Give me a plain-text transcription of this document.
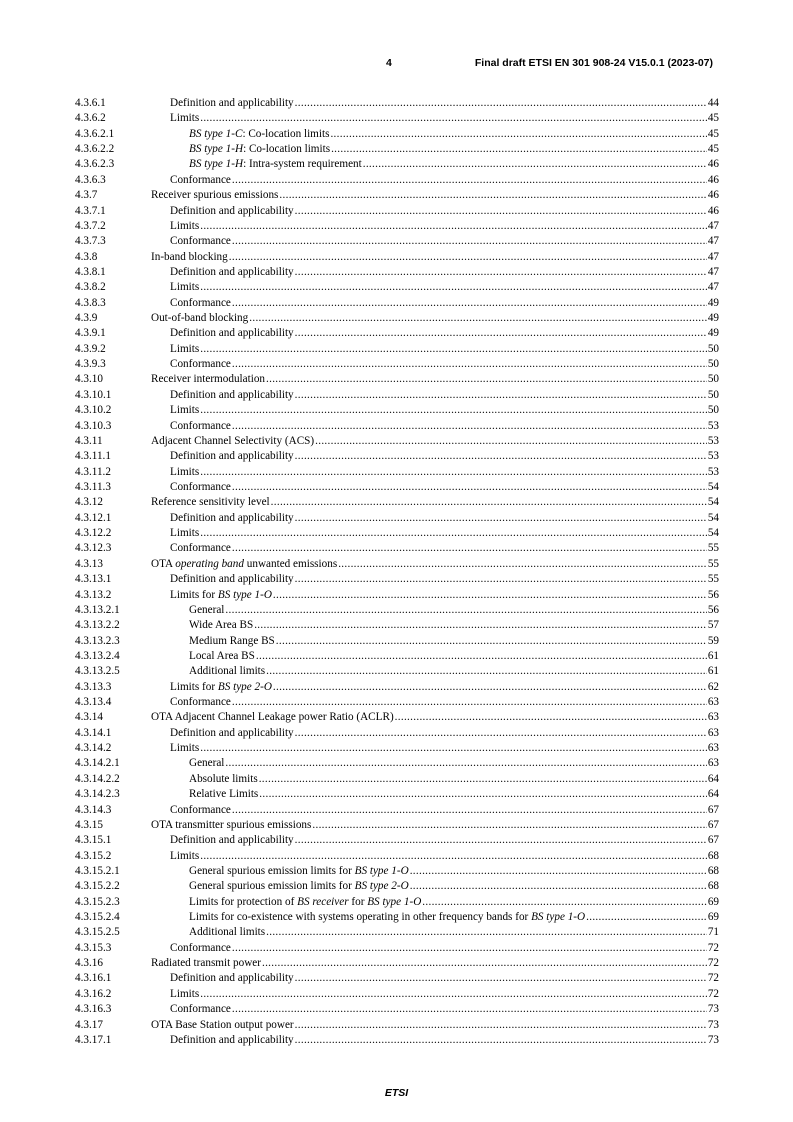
4	Final draft ETSI EN 301 908-24 V15.0.1 (2023-07)
4.3.6.1	Definition and applicability .....	44
4.3.6.2	Limits .....	45
4.3.6.2.1	BS type 1-C: Co-location limits .....	45
4.3.6.2.2	BS type 1-H: Co-location limits .....	45
4.3.6.2.3	BS type 1-H: Intra-system requirement .....	46
4.3.6.3	Conformance .....	46
4.3.7	Receiver spurious emissions .....	46
4.3.7.1	Definition and applicability .....	46
4.3.7.2	Limits .....	47
4.3.7.3	Conformance .....	47
4.3.8	In-band blocking .....	47
4.3.8.1	Definition and applicability .....	47
4.3.8.2	Limits .....	47
4.3.8.3	Conformance .....	49
4.3.9	Out-of-band blocking .....	49
4.3.9.1	Definition and applicability .....	49
4.3.9.2	Limits .....	50
4.3.9.3	Conformance .....	50
4.3.10	Receiver intermodulation .....	50
4.3.10.1	Definition and applicability .....	50
4.3.10.2	Limits .....	50
4.3.10.3	Conformance .....	53
4.3.11	Adjacent Channel Selectivity (ACS) .....	53
4.3.11.1	Definition and applicability .....	53
4.3.11.2	Limits .....	53
4.3.11.3	Conformance .....	54
4.3.12	Reference sensitivity level .....	54
4.3.12.1	Definition and applicability .....	54
4.3.12.2	Limits .....	54
4.3.12.3	Conformance .....	55
4.3.13	OTA operating band unwanted emissions .....	55
4.3.13.1	Definition and applicability .....	55
4.3.13.2	Limits for BS type 1-O .....	56
4.3.13.2.1	General .....	56
4.3.13.2.2	Wide Area BS .....	57
4.3.13.2.3	Medium Range BS .....	59
4.3.13.2.4	Local Area BS .....	61
4.3.13.2.5	Additional limits .....	61
4.3.13.3	Limits for BS type 2-O .....	62
4.3.13.4	Conformance .....	63
4.3.14	OTA Adjacent Channel Leakage power Ratio (ACLR) .....	63
4.3.14.1	Definition and applicability .....	63
4.3.14.2	Limits .....	63
4.3.14.2.1	General .....	63
4.3.14.2.2	Absolute limits .....	64
4.3.14.2.3	Relative Limits .....	64
4.3.14.3	Conformance .....	67
4.3.15	OTA transmitter spurious emissions .....	67
4.3.15.1	Definition and applicability .....	67
4.3.15.2	Limits .....	68
4.3.15.2.1	General spurious emission limits for BS type 1-O .....	68
4.3.15.2.2	General spurious emission limits for BS type 2-O .....	68
4.3.15.2.3	Limits for protection of BS receiver for BS type 1-O .....	69
4.3.15.2.4	Limits for co-existence with systems operating in other frequency bands for BS type 1-O .....	69
4.3.15.2.5	Additional limits .....	71
4.3.15.3	Conformance .....	72
4.3.16	Radiated transmit power .....	72
4.3.16.1	Definition and applicability .....	72
4.3.16.2	Limits .....	72
4.3.16.3	Conformance .....	73
4.3.17	OTA Base Station output power .....	73
4.3.17.1	Definition and applicability .....	73
ETSI
